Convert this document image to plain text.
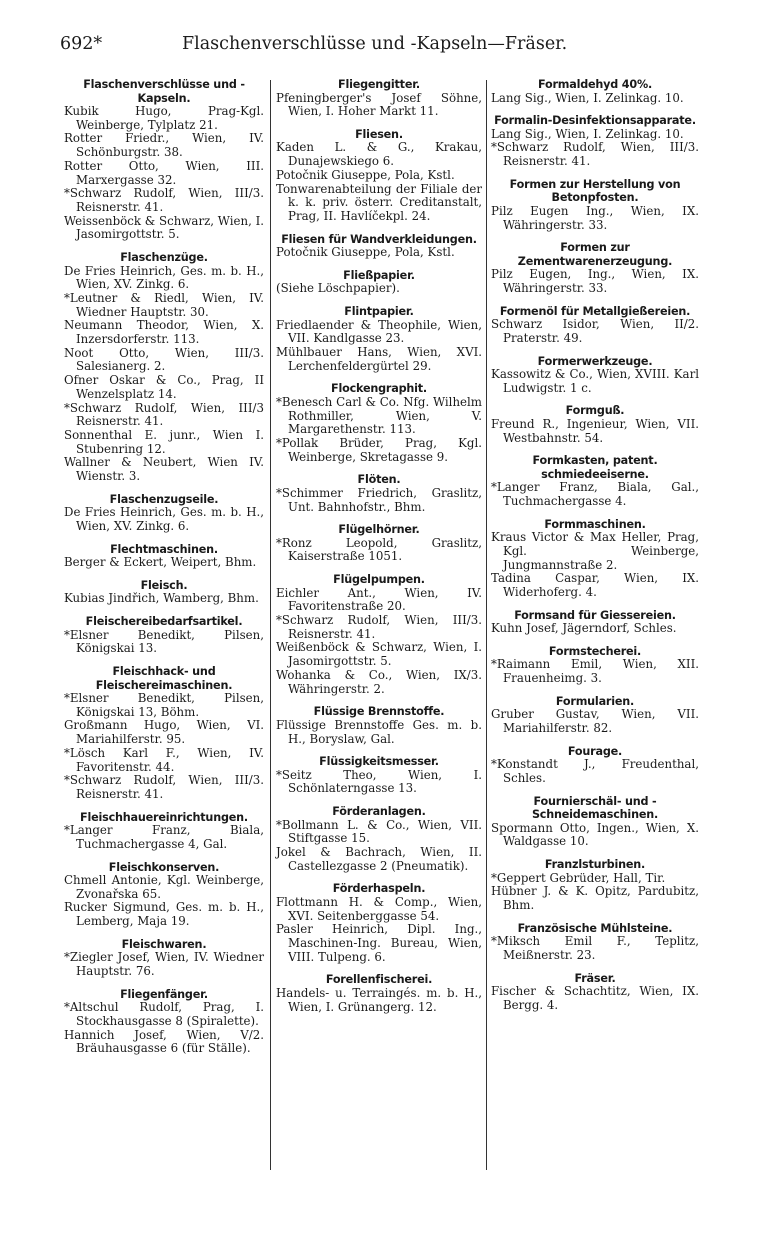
692*	Flaschenverschlüsse und -Kapseln—Fräser.
Flaschenverschlüsse und -Kapseln.
Kubik Hugo, Prag-Kgl. Weinberge, Tylplatz 21.
Rotter Friedr., Wien, IV. Schönburgstr. 38.
Rotter Otto, Wien, III. Marxergasse 32.
*Schwarz Rudolf, Wien, III/3. Reisnerstr. 41.
Weissenböck & Schwarz, Wien, I. Jasomirgottstr. 5.
Flaschenzüge.
De Fries Heinrich, Ges. m. b. H., Wien, XV. Zinkg. 6.
*Leutner & Riedl, Wien, IV. Wiedner Hauptstr. 30.
Neumann Theodor, Wien, X. Inzersdorferstr. 113.
Noot Otto, Wien, III/3. Salesianerg. 2.
Ofner Oskar & Co., Prag, II Wenzelsplatz 14.
*Schwarz Rudolf, Wien, III/3 Reisnerstr. 41.
Sonnenthal E. junr., Wien I. Stubenring 12.
Wallner & Neubert, Wien IV. Wienstr. 3.
Flaschenzugseile.
De Fries Heinrich, Ges. m. b. H., Wien, XV. Zinkg. 6.
Flechtmaschinen.
Berger & Eckert, Weipert, Bhm.
Fleisch.
Kubias Jindřich, Wamberg, Bhm.
Fleischereibedarfsartikel.
*Elsner Benedikt, Pilsen, Königskai 13.
Fleischhack- und Fleischereimaschinen.
*Elsner Benedikt, Pilsen, Königskai 13, Böhm.
Großmann Hugo, Wien, VI. Mariahilferstr. 95.
*Lösch Karl F., Wien, IV. Favoritenstr. 44.
*Schwarz Rudolf, Wien, III/3. Reisnerstr. 41.
Fleischhauereinrichtungen.
*Langer Franz, Biala, Tuchmachergasse 4, Gal.
Fleischkonserven.
Chmell Antonie, Kgl. Weinberge, Zvonařska 65.
Rucker Sigmund, Ges. m. b. H., Lemberg, Maja 19.
Fleischwaren.
*Ziegler Josef, Wien, IV. Wiedner Hauptstr. 76.
Fliegenfänger.
*Altschul Rudolf, Prag, I. Stockhausgasse 8 (Spiralette).
Hannich Josef, Wien, V/2. Bräuhausgasse 6 (für Ställe).
Fliegengitter.
Pfeningberger's Josef Söhne, Wien, I. Hoher Markt 11.
Fliesen.
Kaden L. & G., Krakau, Dunajewskiego 6.
Potočnik Giuseppe, Pola, Kstl.
Tonwarenabteilung der Filiale der k. k. priv. österr. Creditanstalt, Prag, II. Havlíčekpl. 24.
Fliesen für Wandverkleidungen.
Potočnik Giuseppe, Pola, Kstl.
Fließpapier.
(Siehe Löschpapier).
Flintpapier.
Friedlaender & Theophile, Wien, VII. Kandlgasse 23.
Mühlbauer Hans, Wien, XVI. Lerchenfeldergürtel 29.
Flockengraphit.
*Benesch Carl & Co. Nfg. Wilhelm Rothmiller, Wien, V. Margarethenstr. 113.
*Pollak Brüder, Prag, Kgl. Weinberge, Skretagasse 9.
Flöten.
*Schimmer Friedrich, Graslitz, Unt. Bahnhofstr., Bhm.
Flügelhörner.
*Ronz Leopold, Graslitz, Kaiserstraße 1051.
Flügelpumpen.
Eichler Ant., Wien, IV. Favoritenstraße 20.
*Schwarz Rudolf, Wien, III/3. Reisnerstr. 41.
Weißenböck & Schwarz, Wien, I. Jasomirgottstr. 5.
Wohanka & Co., Wien, IX/3. Währingerstr. 2.
Flüssige Brennstoffe.
Flüssige Brennstoffe Ges. m. b. H., Boryslaw, Gal.
Flüssigkeitsmesser.
*Seitz Theo, Wien, I. Schönlaterngasse 13.
Förderanlagen.
*Bollmann L. & Co., Wien, VII. Stiftgasse 15.
Jokel & Bachrach, Wien, II. Castellezgasse 2 (Pneumatik).
Förderhaspeln.
Flottmann H. & Comp., Wien, XVI. Seitenberggasse 54.
Pasler Heinrich, Dipl. Ing., Maschinen-Ing. Bureau, Wien, VIII. Tulpeng. 6.
Forellenfischerei.
Handels- u. Terraingés. m. b. H., Wien, I. Grünangerg. 12.
Formaldehyd 40%.
Lang Sig., Wien, I. Zelinkag. 10.
Formalin-Desinfektionsapparate.
Lang Sig., Wien, I. Zelinkag. 10.
*Schwarz Rudolf, Wien, III/3. Reisnerstr. 41.
Formen zur Herstellung von Betonpfosten.
Pilz Eugen Ing., Wien, IX. Währingerstr. 33.
Formen zur Zementwarenerzeugung.
Pilz Eugen, Ing., Wien, IX. Währingerstr. 33.
Formenöl für Metallgießereien.
Schwarz Isidor, Wien, II/2. Praterstr. 49.
Formerwerkzeuge.
Kassowitz & Co., Wien, XVIII. Karl Ludwigstr. 1 c.
Formguß.
Freund R., Ingenieur, Wien, VII. Westbahnstr. 54.
Formkasten, patent. schmiedeeiserne.
*Langer Franz, Biala, Gal., Tuchmachergasse 4.
Formmaschinen.
Kraus Victor & Max Heller, Prag, Kgl. Weinberge, Jungmannstraße 2.
Tadina Caspar, Wien, IX. Widerhoferg. 4.
Formsand für Giessereien.
Kuhn Josef, Jägerndorf, Schles.
Formstecherei.
*Raimann Emil, Wien, XII. Frauenheimg. 3.
Formularien.
Gruber Gustav, Wien, VII. Mariahilferstr. 82.
Fourage.
*Konstandt J., Freudenthal, Schles.
Fournierschäl- und -Schneidemaschinen.
Spormann Otto, Ingen., Wien, X. Waldgasse 10.
Franzlsturbinen.
*Geppert Gebrüder, Hall, Tir.
Hübner J. & K. Opitz, Pardubitz, Bhm.
Französische Mühlsteine.
*Miksch Emil F., Teplitz, Meißnerstr. 23.
Fräser.
Fischer & Schachtitz, Wien, IX. Bergg. 4.
